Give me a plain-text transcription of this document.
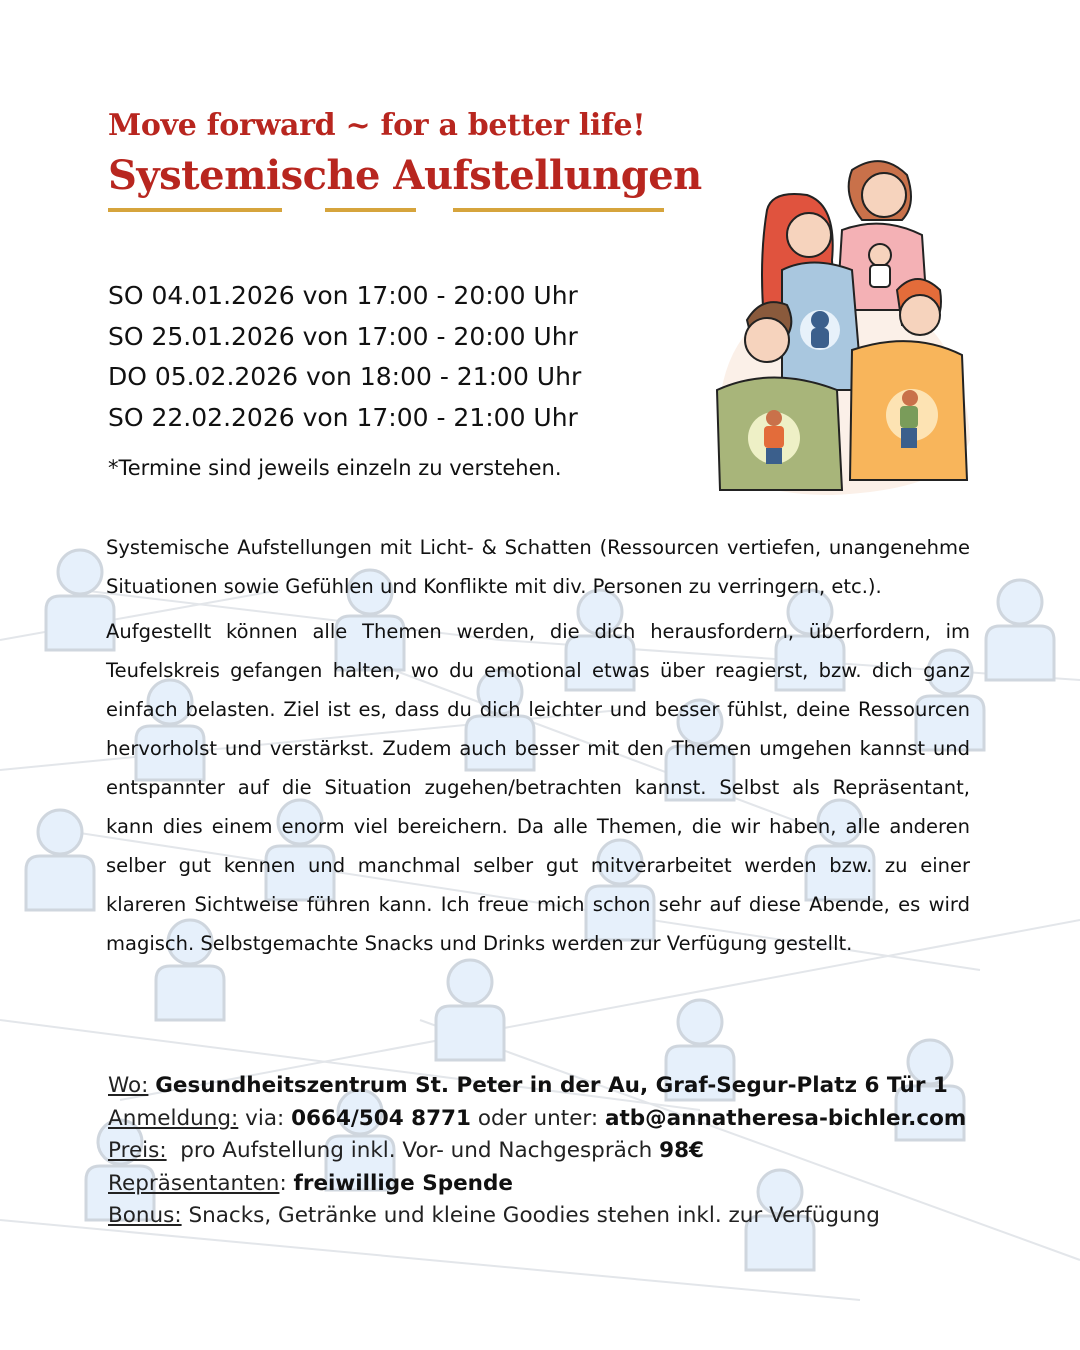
Move forward ~ for a better life!
Systemische Aufstellungen
SO 04.01.2026 von 17:00 - 20:00 Uhr
SO 25.01.2026 von 17:00 - 20:00 Uhr
DO 05.02.2026 von 18:00 - 21:00 Uhr
SO 22.02.2026 von 17:00 - 21:00 Uhr

*Termine sind jeweils einzeln zu verstehen.

Systemische Aufstellungen mit Licht- & Schatten (Ressourcen vertiefen, unangenehme Situationen sowie Gefühlen und Konflikte mit div. Personen zu verringern, etc.).

Aufgestellt können alle Themen werden, die dich herausfordern, überfordern, im Teufelskreis gefangen halten, wo du emotional etwas über reagierst, bzw. dich ganz einfach belasten. Ziel ist es, dass du dich leichter und besser fühlst, deine Ressourcen hervorholst und verstärkst. Zudem auch besser mit den Themen umgehen kannst und entspannter auf die Situation zugehen/betrachten kannst. Selbst als Repräsentant, kann dies einem enorm viel bereichern. Da alle Themen, die wir haben, alle anderen selber gut kennen und manchmal selber gut mitverarbeitet werden bzw. zu einer klareren Sichtweise führen kann. Ich freue mich schon sehr auf diese Abende, es wird magisch. Selbstgemachte Snacks und Drinks werden zur Verfügung gestellt.

Wo: Gesundheitszentrum St. Peter in der Au, Graf-Segur-Platz 6 Tür 1
Anmeldung: via: 0664/504 8771 oder unter: atb@annatheresa-bichler.com
Preis:  pro Aufstellung inkl. Vor- und Nachgespräch 98€
Repräsentanten: freiwillige Spende
Bonus: Snacks, Getränke und kleine Goodies stehen inkl. zur Verfügung
